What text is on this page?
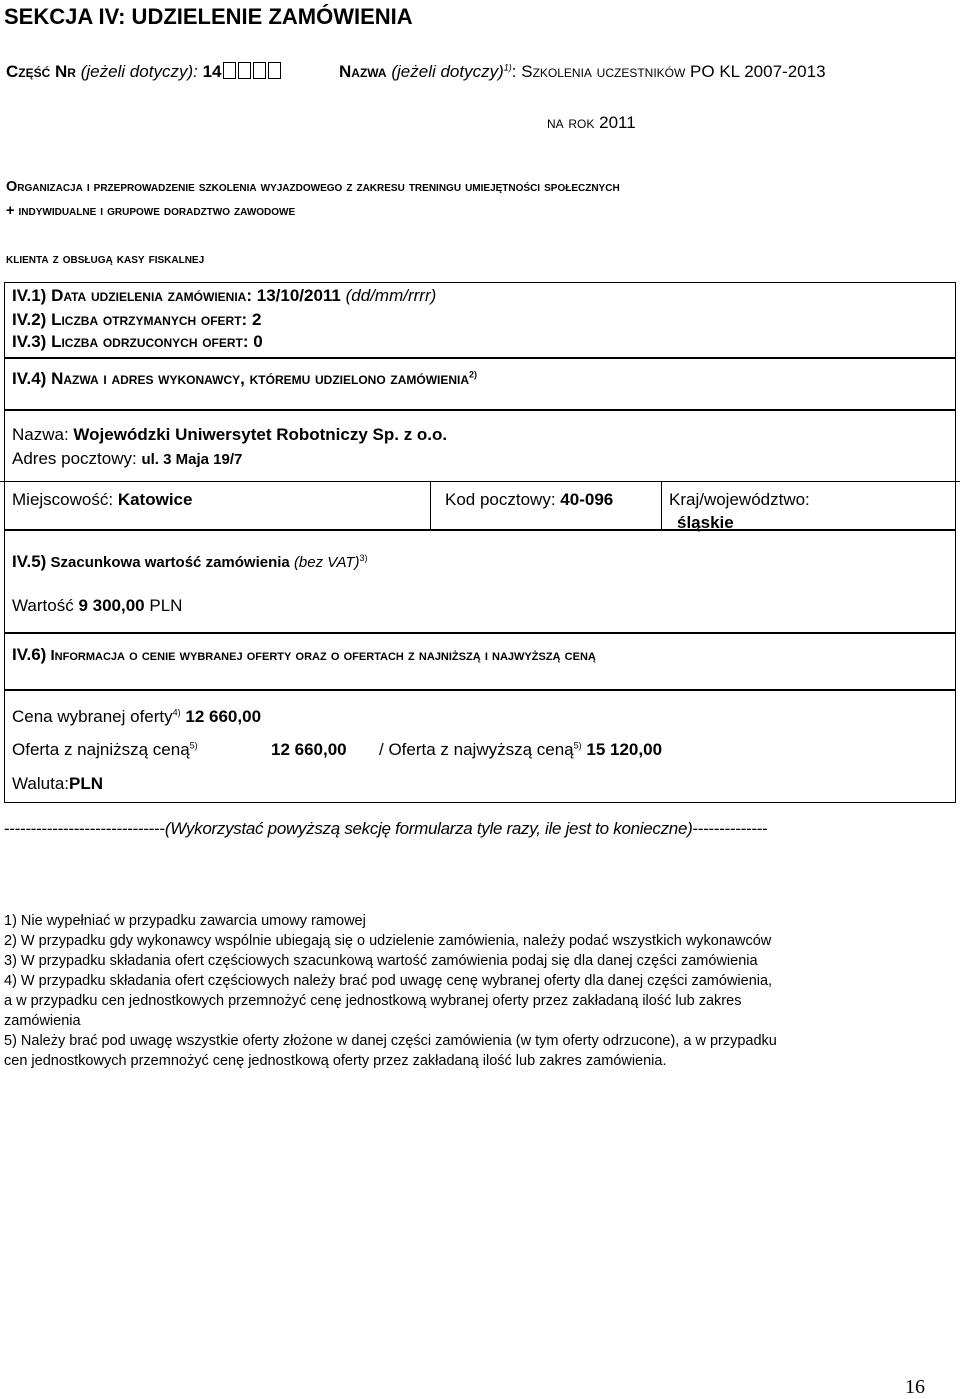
SEKCJA IV: UDZIELENIE ZAMÓWIENIA
Część Nr (jeżeli dotyczy): 14	Nazwa (jeżeli dotyczy)$^{1)}$: Szkolenia uczestników PO KL 2007-2013
na rok 2011
Organizacja i przeprowadzenie szkolenia wyjazdowego z zakresu treningu umiejętności społecznych
+ indywidualne i grupowe doradztwo zawodowe
klienta z obsługą kasy fiskalnej
IV.1) Data udzielenia zamówienia: 13/10/2011 (dd/mm/rrrr)
IV.2) Liczba otrzymanych ofert: 2
IV.3) Liczba odrzuconych ofert: 0
IV.4) Nazwa i adres wykonawcy, któremu udzielono zamówienia$^{2)}$
Nazwa: Wojewódzki Uniwersytet Robotniczy Sp. z o.o.
Adres pocztowy: ul. 3 Maja 19/7
Miejscowość: Katowice	Kod pocztowy: 40-096	Kraj/województwo:
śląskie
IV.5) Szacunkowa wartość zamówienia (bez VAT)$^{3)}$
Wartość 9 300,00 PLN
IV.6) Informacja o cenie wybranej oferty oraz o ofertach z najniższą i najwyższą ceną
Cena wybranej oferty$^{4)}$ 12 660,00
Oferta z najniższą ceną$^{5)}$	12 660,00 / Oferta z najwyższą ceną$^{5)}$ 15 120,00
Waluta:PLN
------------------------------(Wykorzystać powyższą sekcję formularza tyle razy, ile jest to konieczne)--------------
1) Nie wypełniać w przypadku zawarcia umowy ramowej
2) W przypadku gdy wykonawcy wspólnie ubiegają się o udzielenie zamówienia, należy podać wszystkich wykonawców
3) W przypadku składania ofert częściowych szacunkową wartość zamówienia podaj się dla danej części zamówienia
4) W przypadku składania ofert częściowych należy brać pod uwagę cenę wybranej oferty dla danej części zamówienia,
a w przypadku cen jednostkowych przemnożyć cenę jednostkową wybranej oferty przez zakładaną ilość lub zakres
zamówienia
5) Należy brać pod uwagę wszystkie oferty złożone w danej części zamówienia (w tym oferty odrzucone), a w przypadku
cen jednostkowych przemnożyć cenę jednostkową oferty przez zakładaną ilość lub zakres zamówienia.
16
